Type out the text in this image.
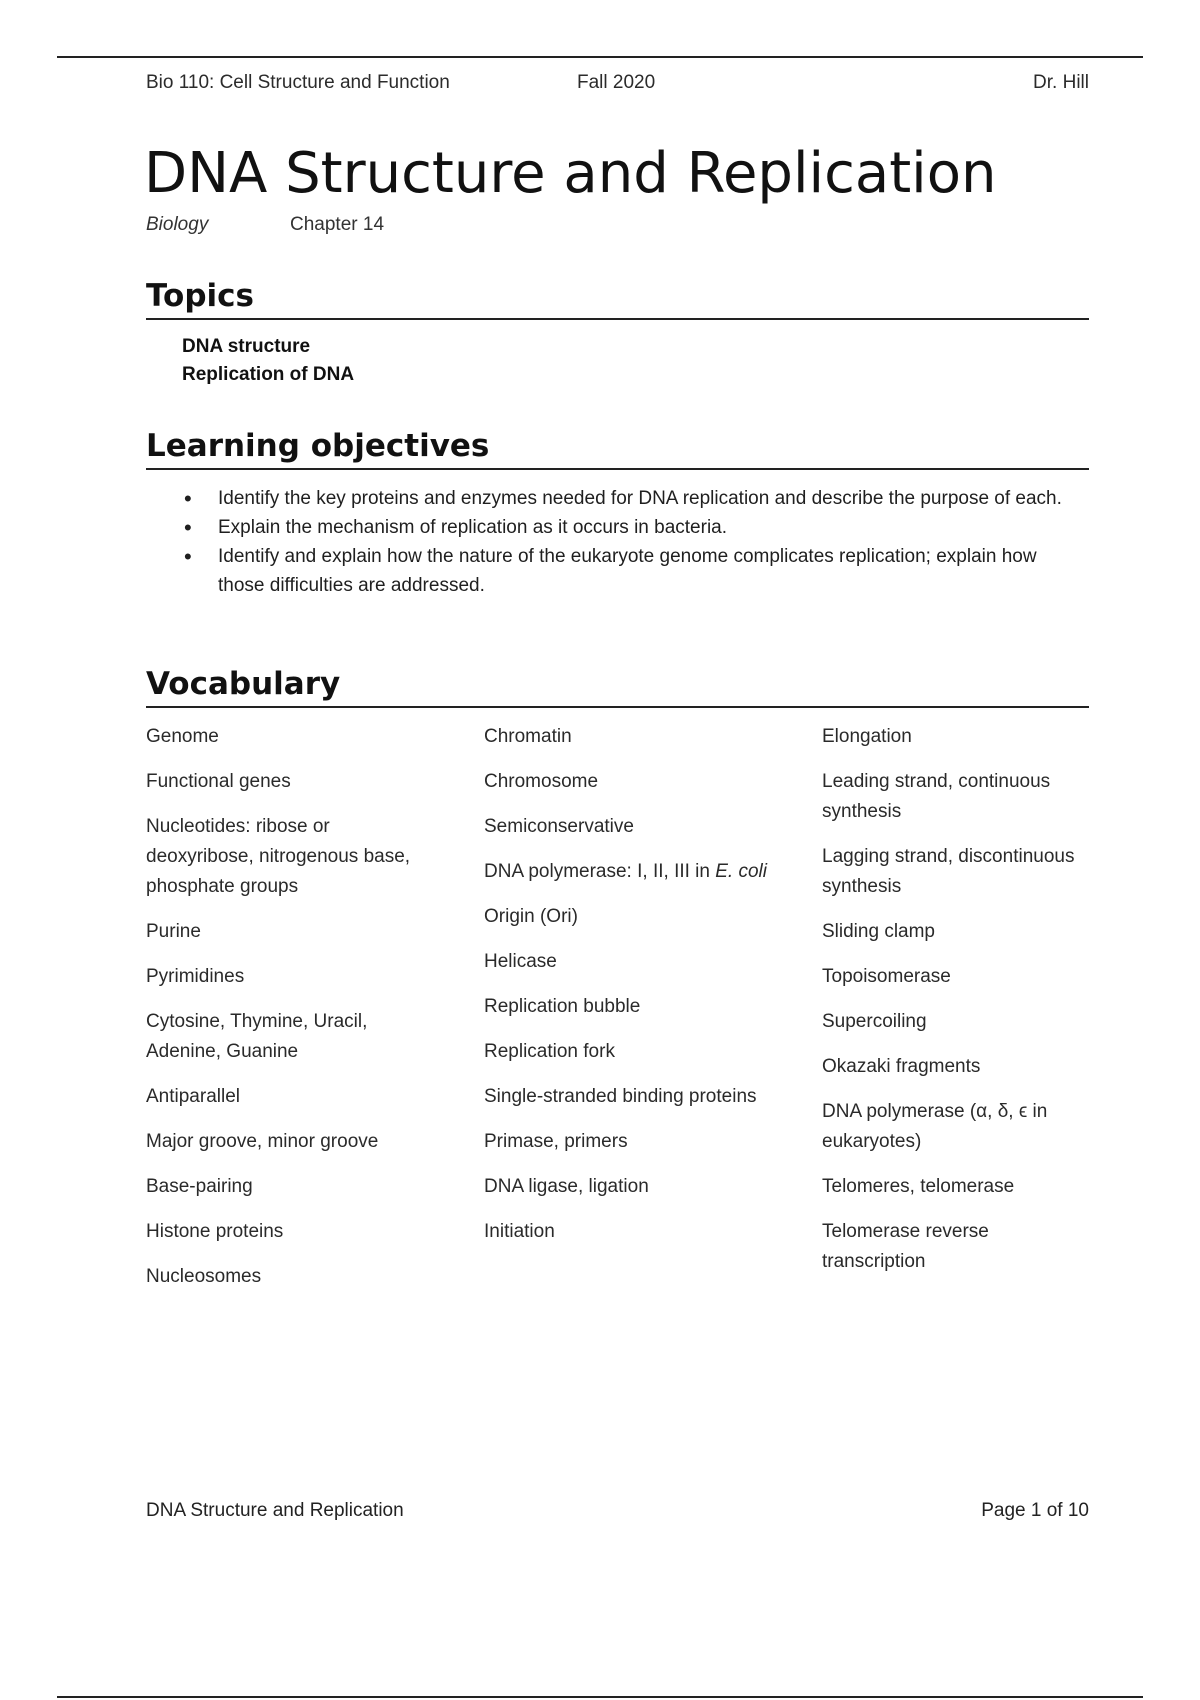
Bio 110: Cell Structure and Function	Fall 2020	Dr. Hill
DNA Structure and Replication
Biology	Chapter 14
Topics
DNA structure
Replication of DNA
Learning objectives
• Identify the key proteins and enzymes needed for DNA replication and describe the purpose of each.
• Explain the mechanism of replication as it occurs in bacteria.
• Identify and explain how the nature of the eukaryote genome complicates replication; explain how those difficulties are addressed.
Vocabulary
Genome
Functional genes
Nucleotides: ribose or deoxyribose, nitrogenous base, phosphate groups
Purine
Pyrimidines
Cytosine, Thymine, Uracil, Adenine, Guanine
Antiparallel
Major groove, minor groove
Base-pairing
Histone proteins
Nucleosomes
Chromatin
Chromosome
Semiconservative
DNA polymerase: I, II, III in E. coli
Origin (Ori)
Helicase
Replication bubble
Replication fork
Single-stranded binding proteins
Primase, primers
DNA ligase, ligation
Initiation
Elongation
Leading strand, continuous synthesis
Lagging strand, discontinuous synthesis
Sliding clamp
Topoisomerase
Supercoiling
Okazaki fragments
DNA polymerase (α, δ, ϵ in eukaryotes)
Telomeres, telomerase
Telomerase reverse transcription
DNA Structure and Replication	Page 1 of 10
